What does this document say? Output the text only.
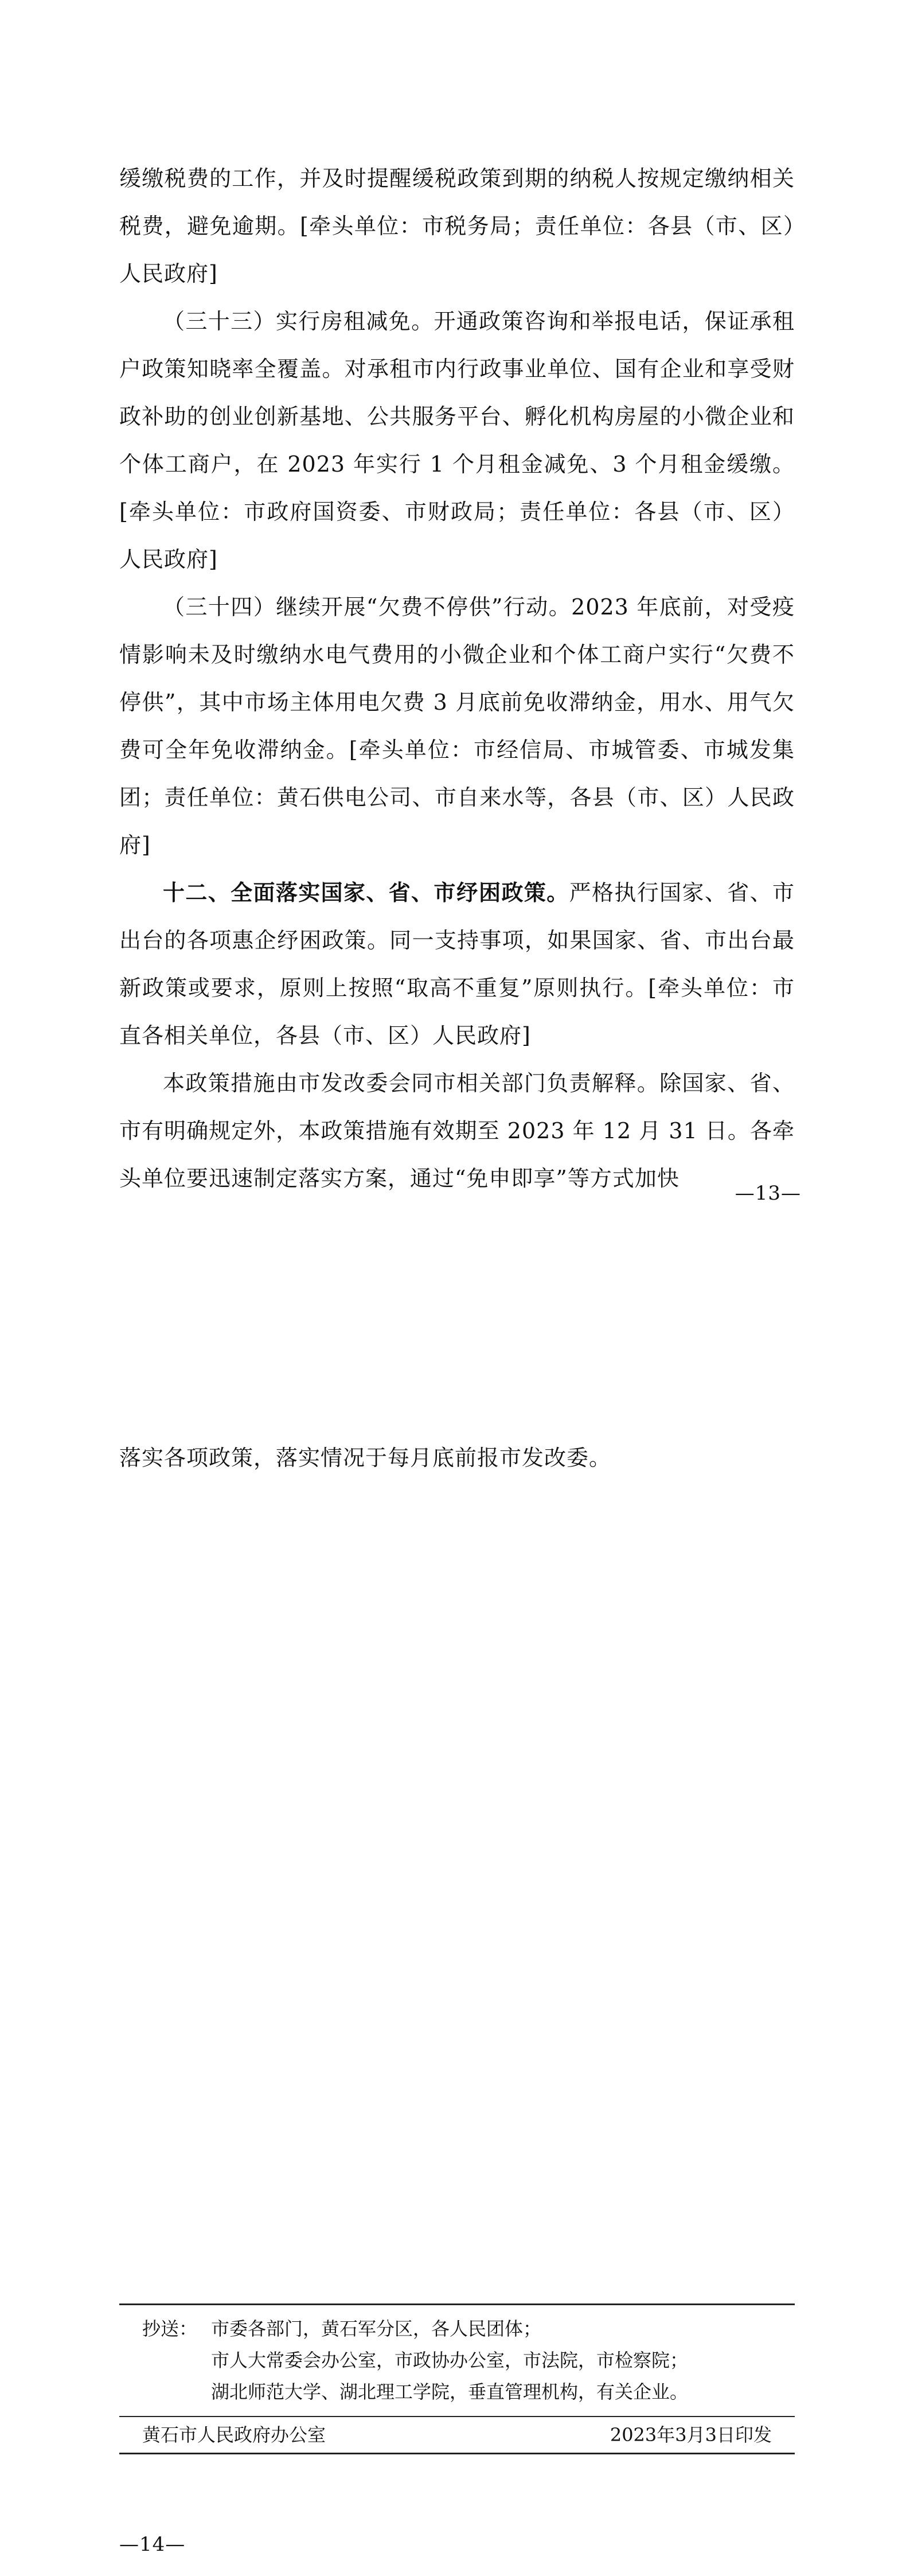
缓缴税费的工作，并及时提醒缓税政策到期的纳税人按规定缴纳相关税费，避免逾期。[牵头单位：市税务局；责任单位：各县（市、区）人民政府]

（三十三）实行房租减免。开通政策咨询和举报电话，保证承租户政策知晓率全覆盖。对承租市内行政事业单位、国有企业和享受财政补助的创业创新基地、公共服务平台、孵化机构房屋的小微企业和个体工商户，在 2023 年实行 1 个月租金减免、3 个月租金缓缴。[牵头单位：市政府国资委、市财政局；责任单位：各县（市、区）人民政府]

（三十四）继续开展“欠费不停供”行动。2023 年底前，对受疫情影响未及时缴纳水电气费用的小微企业和个体工商户实行“欠费不停供”，其中市场主体用电欠费 3 月底前免收滞纳金，用水、用气欠费可全年免收滞纳金。[牵头单位：市经信局、市城管委、市城发集团；责任单位：黄石供电公司、市自来水等，各县（市、区）人民政府]

十二、全面落实国家、省、市纾困政策。严格执行国家、省、市出台的各项惠企纾困政策。同一支持事项，如果国家、省、市出台最新政策或要求，原则上按照“取高不重复”原则执行。[牵头单位：市直各相关单位，各县（市、区）人民政府]

本政策措施由市发改委会同市相关部门负责解释。除国家、省、市有明确规定外，本政策措施有效期至 2023 年 12 月 31 日。各牵头单位要迅速制定落实方案，通过“免申即享”等方式加快

—13—

落实各项政策，落实情况于每月底前报市发改委。

抄送： 市委各部门，黄石军分区，各人民团体；
市人大常委会办公室，市政协办公室，市法院，市检察院；
湖北师范大学、湖北理工学院，垂直管理机构，有关企业。
黄石市人民政府办公室	2023年3月3日印发
—14—
